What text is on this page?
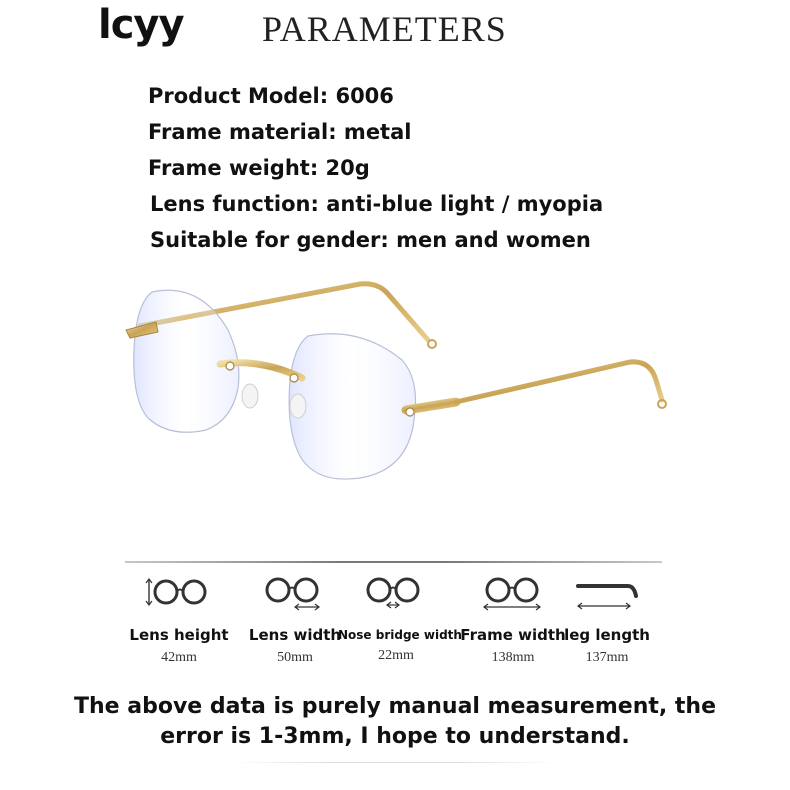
lcyy PARAMETERS
Product Model: 6006
Frame material: metal
Frame weight: 20g
Lens function: anti-blue light / myopia
Suitable for gender: men and women
Lens height
42mm
Lens width
50mm
Nose bridge width
22mm
Frame width
138mm
leg length
137mm
The above data is purely manual measurement, the
error is 1-3mm, I hope to understand.
